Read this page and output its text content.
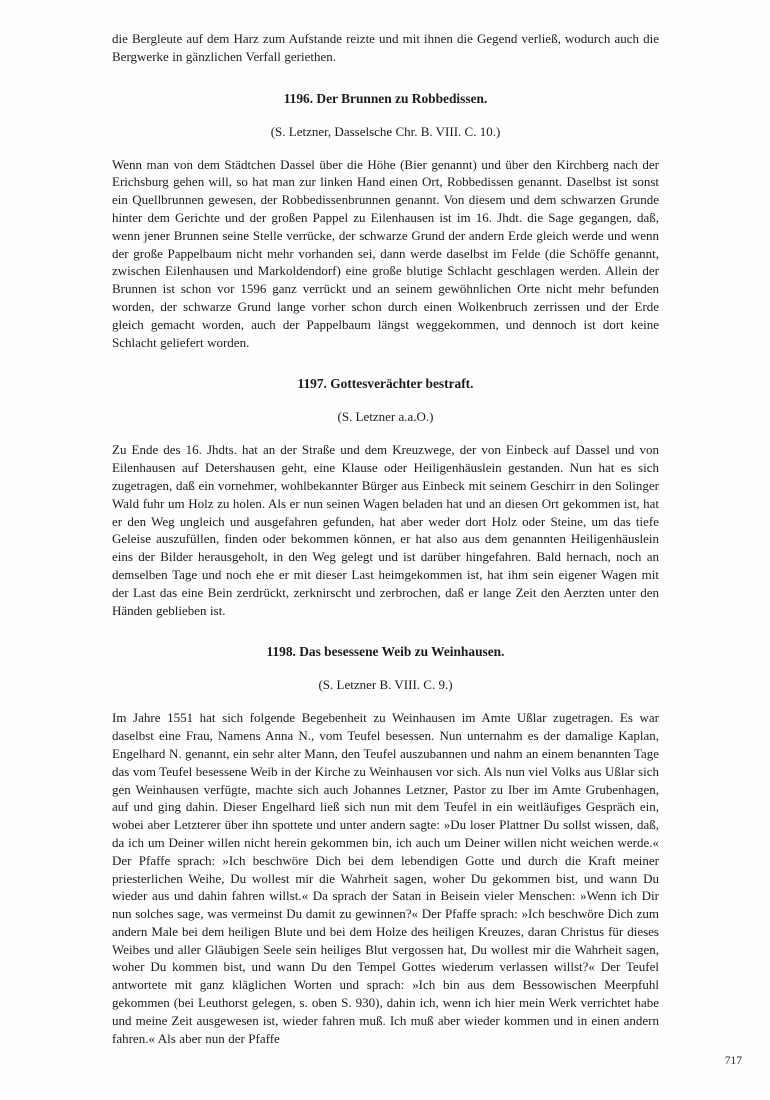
die Bergleute auf dem Harz zum Aufstande reizte und mit ihnen die Gegend verließ, wodurch auch die Bergwerke in gänzlichen Verfall geriethen.

1196. Der Brunnen zu Robbedissen.

(S. Letzner, Dasselsche Chr. B. VIII. C. 10.)

Wenn man von dem Städtchen Dassel über die Höhe (Bier genannt) und über den Kirchberg nach der Erichsburg gehen will, so hat man zur linken Hand einen Ort, Robbedissen genannt. Daselbst ist sonst ein Quellbrunnen gewesen, der Robbedissenbrunnen genannt. Von diesem und dem schwarzen Grunde hinter dem Gerichte und der großen Pappel zu Eilenhausen ist im 16. Jhdt. die Sage gegangen, daß, wenn jener Brunnen seine Stelle verrücke, der schwarze Grund der andern Erde gleich werde und wenn der große Pappelbaum nicht mehr vorhanden sei, dann werde daselbst im Felde (die Schöffe genannt, zwischen Eilenhausen und Markoldendorf) eine große blutige Schlacht geschlagen werden. Allein der Brunnen ist schon vor 1596 ganz verrückt und an seinem gewöhnlichen Orte nicht mehr befunden worden, der schwarze Grund lange vorher schon durch einen Wolkenbruch zerrissen und der Erde gleich gemacht worden, auch der Pappelbaum längst weggekommen, und dennoch ist dort keine Schlacht geliefert worden.

1197. Gottesverächter bestraft.

(S. Letzner a.a.O.)

Zu Ende des 16. Jhdts. hat an der Straße und dem Kreuzwege, der von Einbeck auf Dassel und von Eilenhausen auf Detershausen geht, eine Klause oder Heiligenhäuslein gestanden. Nun hat es sich zugetragen, daß ein vornehmer, wohlbekannter Bürger aus Einbeck mit seinem Geschirr in den Solinger Wald fuhr um Holz zu holen. Als er nun seinen Wagen beladen hat und an diesen Ort gekommen ist, hat er den Weg ungleich und ausgefahren gefunden, hat aber weder dort Holz oder Steine, um das tiefe Geleise auszufüllen, finden oder bekommen können, er hat also aus dem genannten Heiligenhäuslein eins der Bilder herausgeholt, in den Weg gelegt und ist darüber hingefahren. Bald hernach, noch an demselben Tage und noch ehe er mit dieser Last heimgekommen ist, hat ihm sein eigener Wagen mit der Last das eine Bein zerdrückt, zerknirscht und zerbrochen, daß er lange Zeit den Aerzten unter den Händen geblieben ist.

1198. Das besessene Weib zu Weinhausen.

(S. Letzner B. VIII. C. 9.)

Im Jahre 1551 hat sich folgende Begebenheit zu Weinhausen im Amte Ußlar zugetragen. Es war daselbst eine Frau, Namens Anna N., vom Teufel besessen. Nun unternahm es der damalige Kaplan, Engelhard N. genannt, ein sehr alter Mann, den Teufel auszubannen und nahm an einem benannten Tage das vom Teufel besessene Weib in der Kirche zu Weinhausen vor sich. Als nun viel Volks aus Ußlar sich gen Weinhausen verfügte, machte sich auch Johannes Letzner, Pastor zu Iber im Amte Grubenhagen, auf und ging dahin. Dieser Engelhard ließ sich nun mit dem Teufel in ein weitläufiges Gespräch ein, wobei aber Letzterer über ihn spottete und unter andern sagte: »Du loser Plattner Du sollst wissen, daß, da ich um Deiner willen nicht herein gekommen bin, ich auch um Deiner willen nicht weichen werde.« Der Pfaffe sprach: »Ich beschwöre Dich bei dem lebendigen Gotte und durch die Kraft meiner priesterlichen Weihe, Du wollest mir die Wahrheit sagen, woher Du gekommen bist, und wann Du wieder aus und dahin fahren willst.« Da sprach der Satan in Beisein vieler Menschen: »Wenn ich Dir nun solches sage, was vermeinst Du damit zu gewinnen?« Der Pfaffe sprach: »Ich beschwöre Dich zum andern Male bei dem heiligen Blute und bei dem Holze des heiligen Kreuzes, daran Christus für dieses Weibes und aller Gläubigen Seele sein heiliges Blut vergossen hat, Du wollest mir die Wahrheit sagen, woher Du kommen bist, und wann Du den Tempel Gottes wiederum verlassen willst?« Der Teufel antwortete mit ganz kläglichen Worten und sprach: »Ich bin aus dem Bessowischen Meerpfuhl gekommen (bei Leuthorst gelegen, s. oben S. 930), dahin ich, wenn ich hier mein Werk verrichtet habe und meine Zeit ausgewesen ist, wieder fahren muß. Ich muß aber wieder kommen und in einen andern fahren.« Als aber nun der Pfaffe

717
